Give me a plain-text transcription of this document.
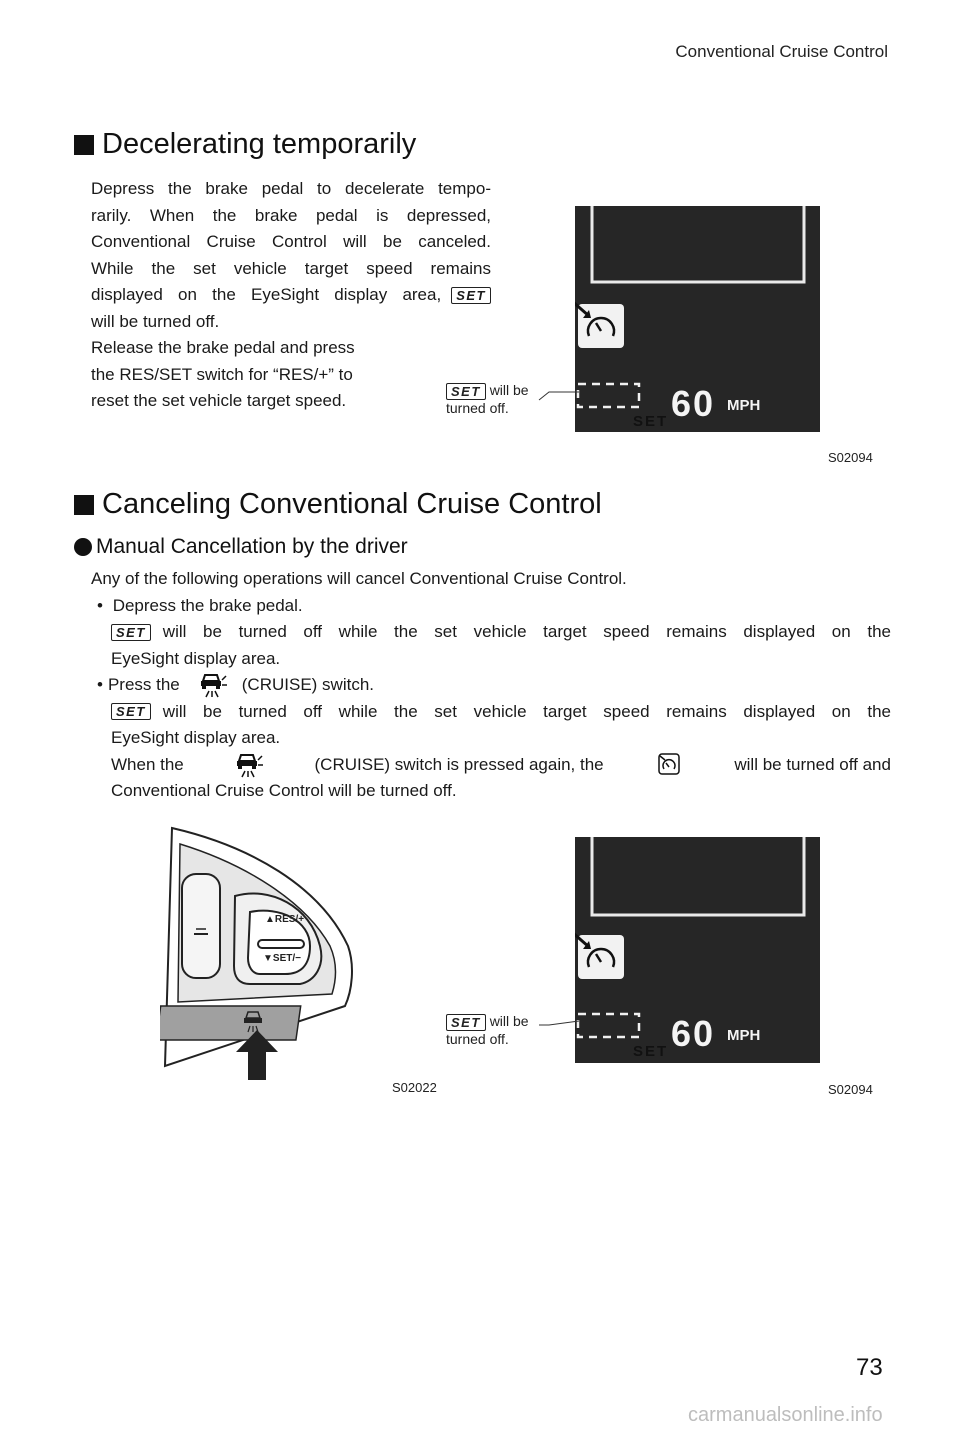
Conventional Cruise Control
Decelerating temporarily
Depress the brake pedal to decelerate tempo-
rarily. When the brake pedal is depressed,
Conventional Cruise Control will be canceled.
While the set vehicle target speed remains
displayed on the EyeSight display area,	SET
will be turned off.
Release the brake pedal and press
the RES/SET switch for “RES/+” to
reset the set vehicle target speed.	60 MPH
SET
SET will be
turned off.
S02094
Canceling Conventional Cruise Control
Manual Cancellation by the driver
Any of the following operations will cancel Conventional Cruise Control.
• Depress the brake pedal.
SET will be turned off while the set vehicle target speed remains displayed on the
EyeSight display area.
• Press the	(CRUISE) switch.
SET will be turned off while the set vehicle target speed remains displayed on the
EyeSight display area.
When the	(CRUISE) switch is pressed again, the	will be turned off and
Conventional Cruise Control will be turned off.
▲RES/+
▼SET/−
S02022
60 MPH
SET
SET will be
turned off.
S02094
73
carmanualsonline.info
